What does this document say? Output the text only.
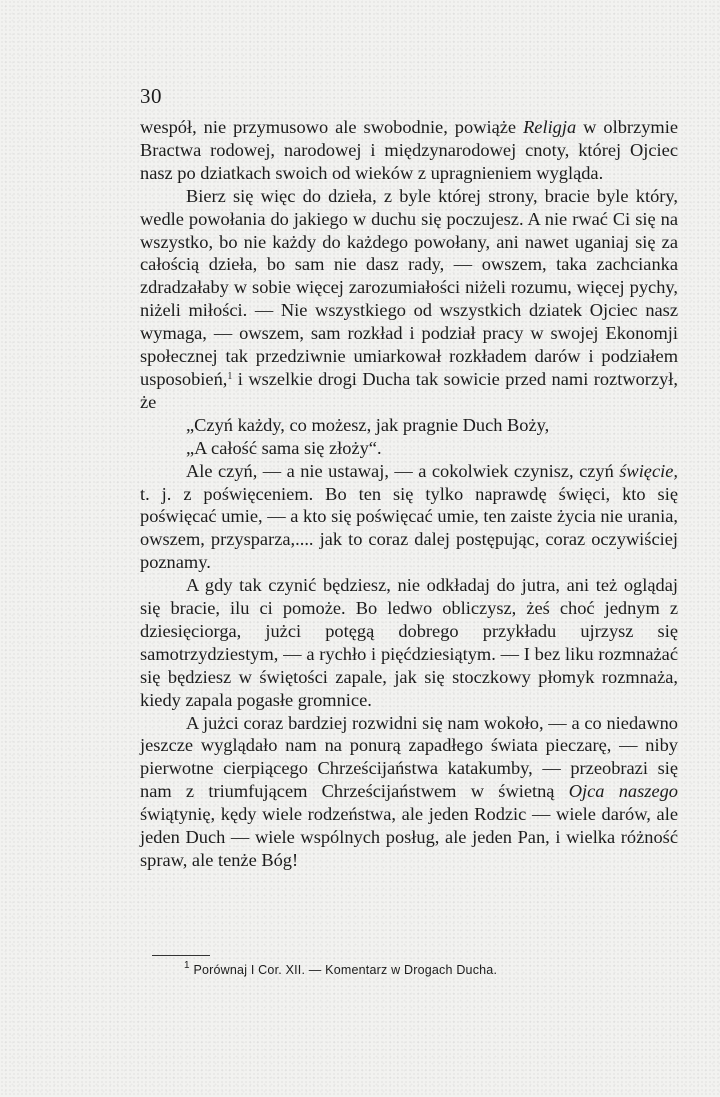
30

wespół, nie przymusowo ale swobodnie, powiąże Religja w olbrzymie Bractwa rodowej, narodowej i międzynarodowej cnoty, której Ojciec nasz po dziatkach swoich od wieków z upragnieniem wygląda.

Bierz się więc do dzieła, z byle której strony, bracie byle który, wedle powołania do jakiego w duchu się poczujesz. A nie rwać Ci się na wszystko, bo nie każdy do każdego powołany, ani nawet uganiaj się za całością dzieła, bo sam nie dasz rady, — owszem, taka zachcianka zdradzałaby w sobie więcej zarozumiałości niżeli rozumu, więcej pychy, niżeli miłości. — Nie wszystkiego od wszystkich dziatek Ojciec nasz wymaga, — owszem, sam rozkład i podział pracy w swojej Ekonomji społecznej tak przedziwnie umiarkował rozkładem darów i podziałem usposobień,$^1$ i wszelkie drogi Ducha tak sowicie przed nami roztworzył, że

„Czyń każdy, co możesz, jak pragnie Duch Boży,

„A całość sama się złoży“.

Ale czyń, — a nie ustawaj, — a cokolwiek czynisz, czyń święcie, t. j. z poświęceniem. Bo ten się tylko naprawdę święci, kto się poświęcać umie, — a kto się poświęcać umie, ten zaiste życia nie urania, owszem, przysparza,.... jak to coraz dalej postępując, coraz oczywiściej poznamy.

A gdy tak czynić będziesz, nie odkładaj do jutra, ani też oglądaj się bracie, ilu ci pomoże. Bo ledwo obliczysz, żeś choć jednym z dziesięciorga, jużci potęgą dobrego przykładu ujrzysz się samotrzydziestym, — a rychło i pięćdziesiątym. — I bez liku rozmnażać się będziesz w świętości zapale, jak się stoczkowy płomyk rozmnaża, kiedy zapala pogasłe gromnice.

A jużci coraz bardziej rozwidni się nam wokoło, — a co niedawno jeszcze wyglądało nam na ponurą zapadłego świata pieczarę, — niby pierwotne cierpiącego Chrześcijaństwa katakumby, — przeobrazi się nam z triumfującem Chrześcijaństwem w świetną Ojca naszego świątynię, kędy wiele rodzeństwa, ale jeden Rodzic — wiele darów, ale jeden Duch — wiele wspólnych posług, ale jeden Pan, i wielka różność spraw, ale tenże Bóg!

$^1$ Porównaj I Cor. XII. — Komentarz w Drogach Ducha.
